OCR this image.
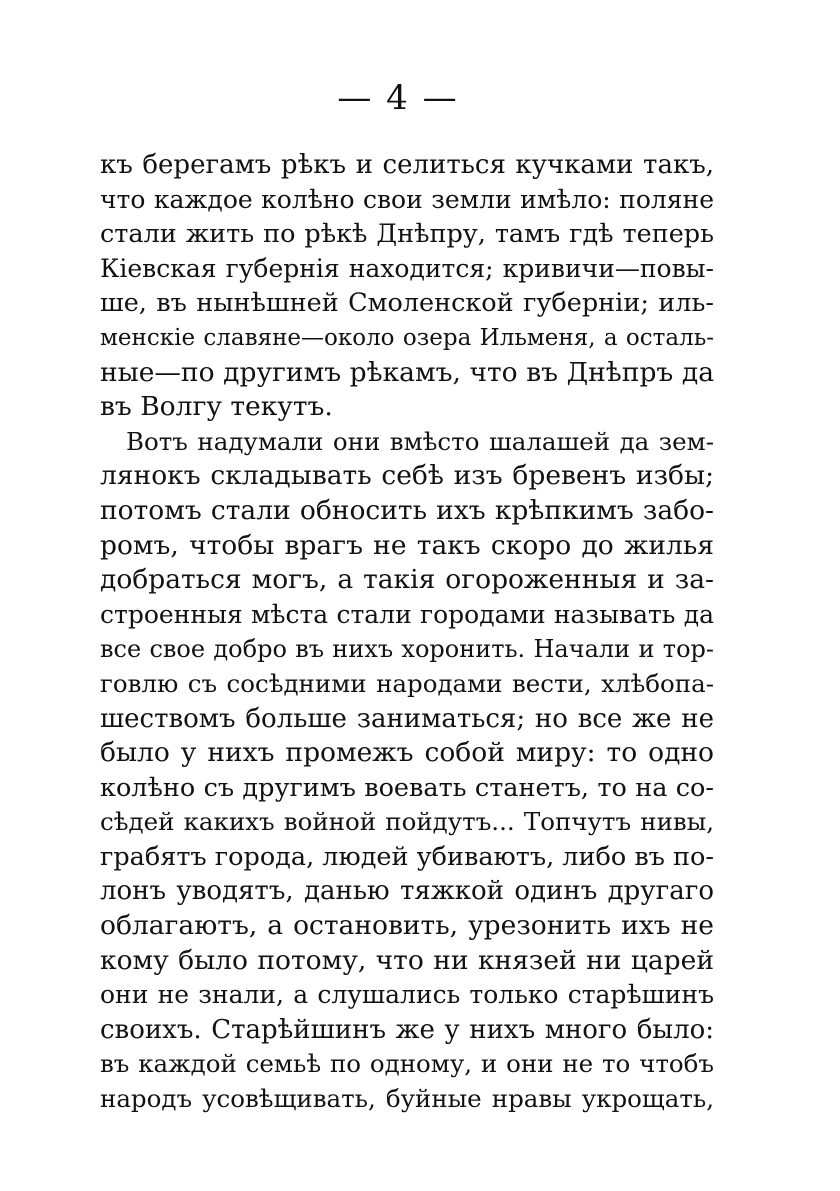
— 4 —
къ берегамъ рѣкъ и селиться кучками такъ,
что каждое колѣно свои земли имѣло: поляне
стали жить по рѣкѣ Днѣпру, тамъ гдѣ теперь
Кіевская губернія находится; кривичи—повы-
ше, въ нынѣшней Смоленской губерніи; иль-
менскіе славяне—около озера Ильменя, а осталь-
ные—по другимъ рѣкамъ, что въ Днѣпръ да
въ Волгу текутъ.
Вотъ надумали они вмѣсто шалашей да зем-
лянокъ складывать себѣ изъ бревенъ избы;
потомъ стали обносить ихъ крѣпкимъ забо-
ромъ, чтобы врагъ не такъ скоро до жилья
добраться могъ, а такія огороженныя и за-
строенныя мѣста стали городами называть да
все свое добро въ нихъ хоронить. Начали и тор-
говлю съ сосѣдними народами вести, хлѣбопа-
шествомъ больше заниматься; но все же не
было у нихъ промежъ собой миру: то одно
колѣно съ другимъ воевать станетъ, то на со-
сѣдей какихъ войной пойдутъ... Топчутъ нивы,
грабятъ города, людей убиваютъ, либо въ по-
лонъ уводятъ, данью тяжкой одинъ другаго
облагаютъ, а остановить, урезонить ихъ не
кому было потому, что ни князей ни царей
они не знали, а слушались только старѣшинъ
своихъ. Старѣйшинъ же у нихъ много было:
въ каждой семьѣ по одному, и они не то чтобъ
народъ усовѣщивать, буйные нравы укрощать,
